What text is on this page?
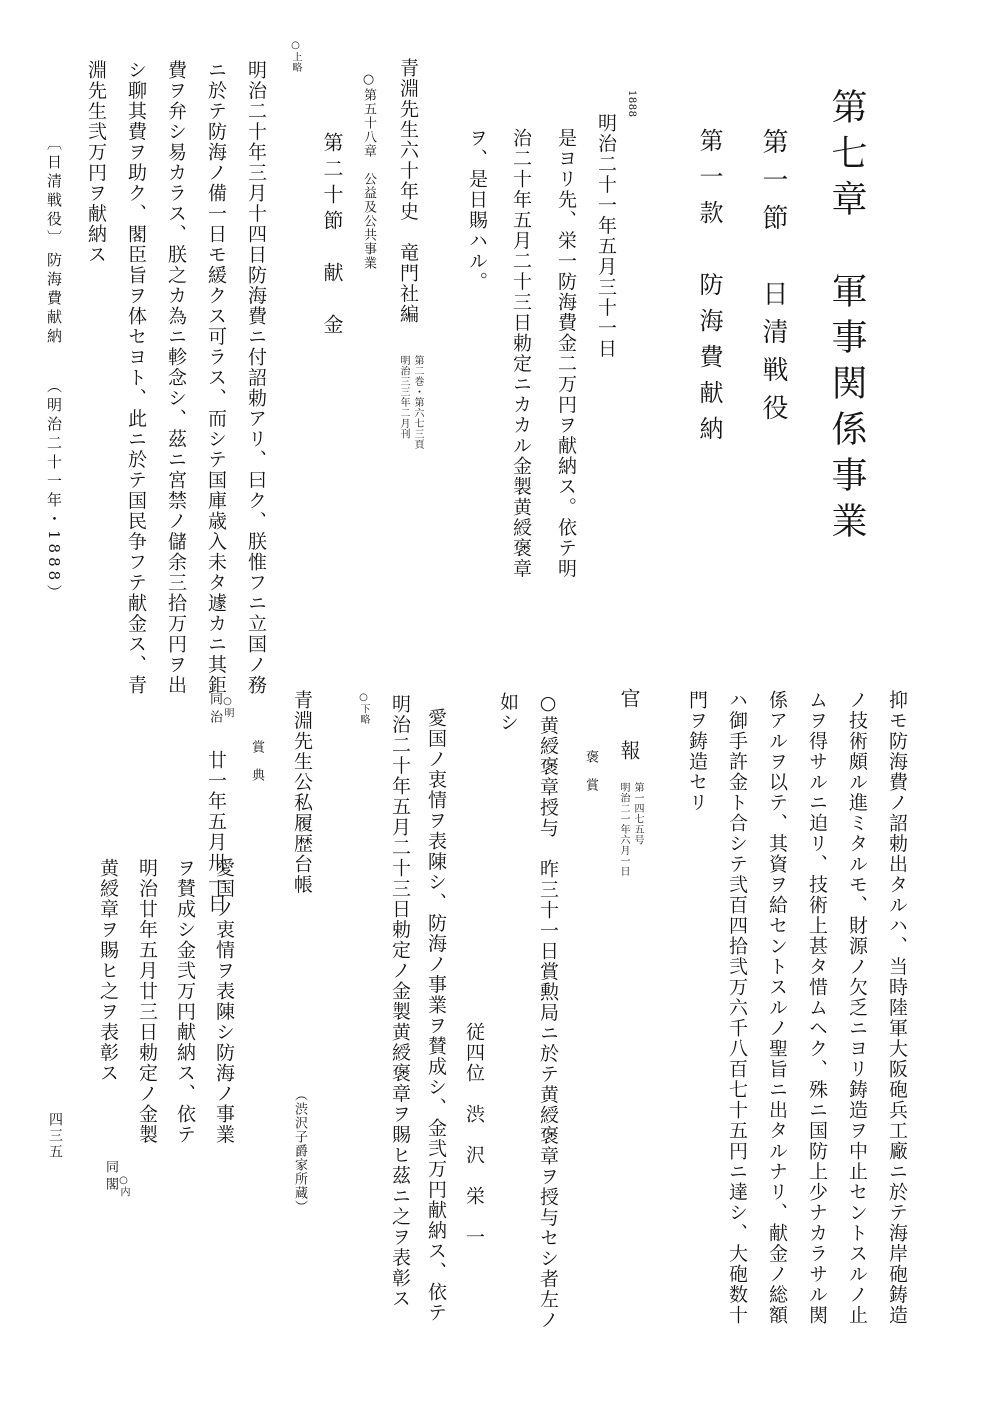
第七章　軍事関係事業
第一節　日清戦役
第一款　防海費献納
1888
明治二十一年五月三十一日
是ヨリ先、栄一防海費金二万円ヲ献納ス。依テ明
治二十年五月二十三日勅定ニカカル金製黄綬褒章
ヲ、是日賜ハル。
青淵先生六十年史　竜門社編
第二巻・第六七三頁
明治三三年二月刊
○第五十八章　公益及公共事業
第二十節　献　金
○上略
明治二十年三月十四日防海費ニ付詔勅アリ、曰ク、朕惟フニ立国ノ務
ニ於テ防海ノ備一日モ緩クス可ラス、而シテ国庫歳入未タ遽カニ其鉅
費ヲ弁シ易カラス、朕之カ為ニ軫念シ、茲ニ宮禁ノ儲余三拾万円ヲ出
シ聊其費ヲ助ク、閣臣旨ヲ体セヨト、此ニ於テ国民争フテ献金ス、青
淵先生弐万円ヲ献納ス
〔日清戦役〕
防海費献納
（明治二十一年・1888）
四三五	抑モ防海費ノ詔勅出タルハ、当時陸軍大阪砲兵工廠ニ於テ海岸砲鋳造
ノ技術頗ル進ミタルモ、財源ノ欠乏ニヨリ鋳造ヲ中止セントスルノ止
ムヲ得サルニ迫リ、技術上甚タ惜ムヘク、殊ニ国防上少ナカラサル関
係アルヲ以テ、其資ヲ給セントスルノ聖旨ニ出タルナリ、献金ノ総額
ハ御手許金ト合シテ弐百四拾弐万六千八百七十五円ニ達シ、大砲数十
門ヲ鋳造セリ
官　報
第一四七五号
明治二一年六月一日
褒　賞
○黄綬褒章授与　昨三十一日賞勲局ニ於テ黄綬褒章ヲ授与セシ者左ノ
如シ
従四位　渋　沢　栄　一
愛国ノ衷情ヲ表陳シ、防海ノ事業ヲ賛成シ、金弐万円献納ス、依テ
明治二十年五月二十三日勅定ノ金製黄綬褒章ヲ賜ヒ茲ニ之ヲ表彰ス
○下略
青淵先生公私履歴台帳
（渋沢子爵家所蔵）
賞　典
同 ○明
治
廿一年五月卅一日
愛国ノ衷情ヲ表陳シ防海ノ事業
ヲ賛成シ金弐万円献納ス、依テ
明治廿年五月廿三日勅定ノ金製
黄綬章ヲ賜ヒ之ヲ表彰ス
同
○内
閣
